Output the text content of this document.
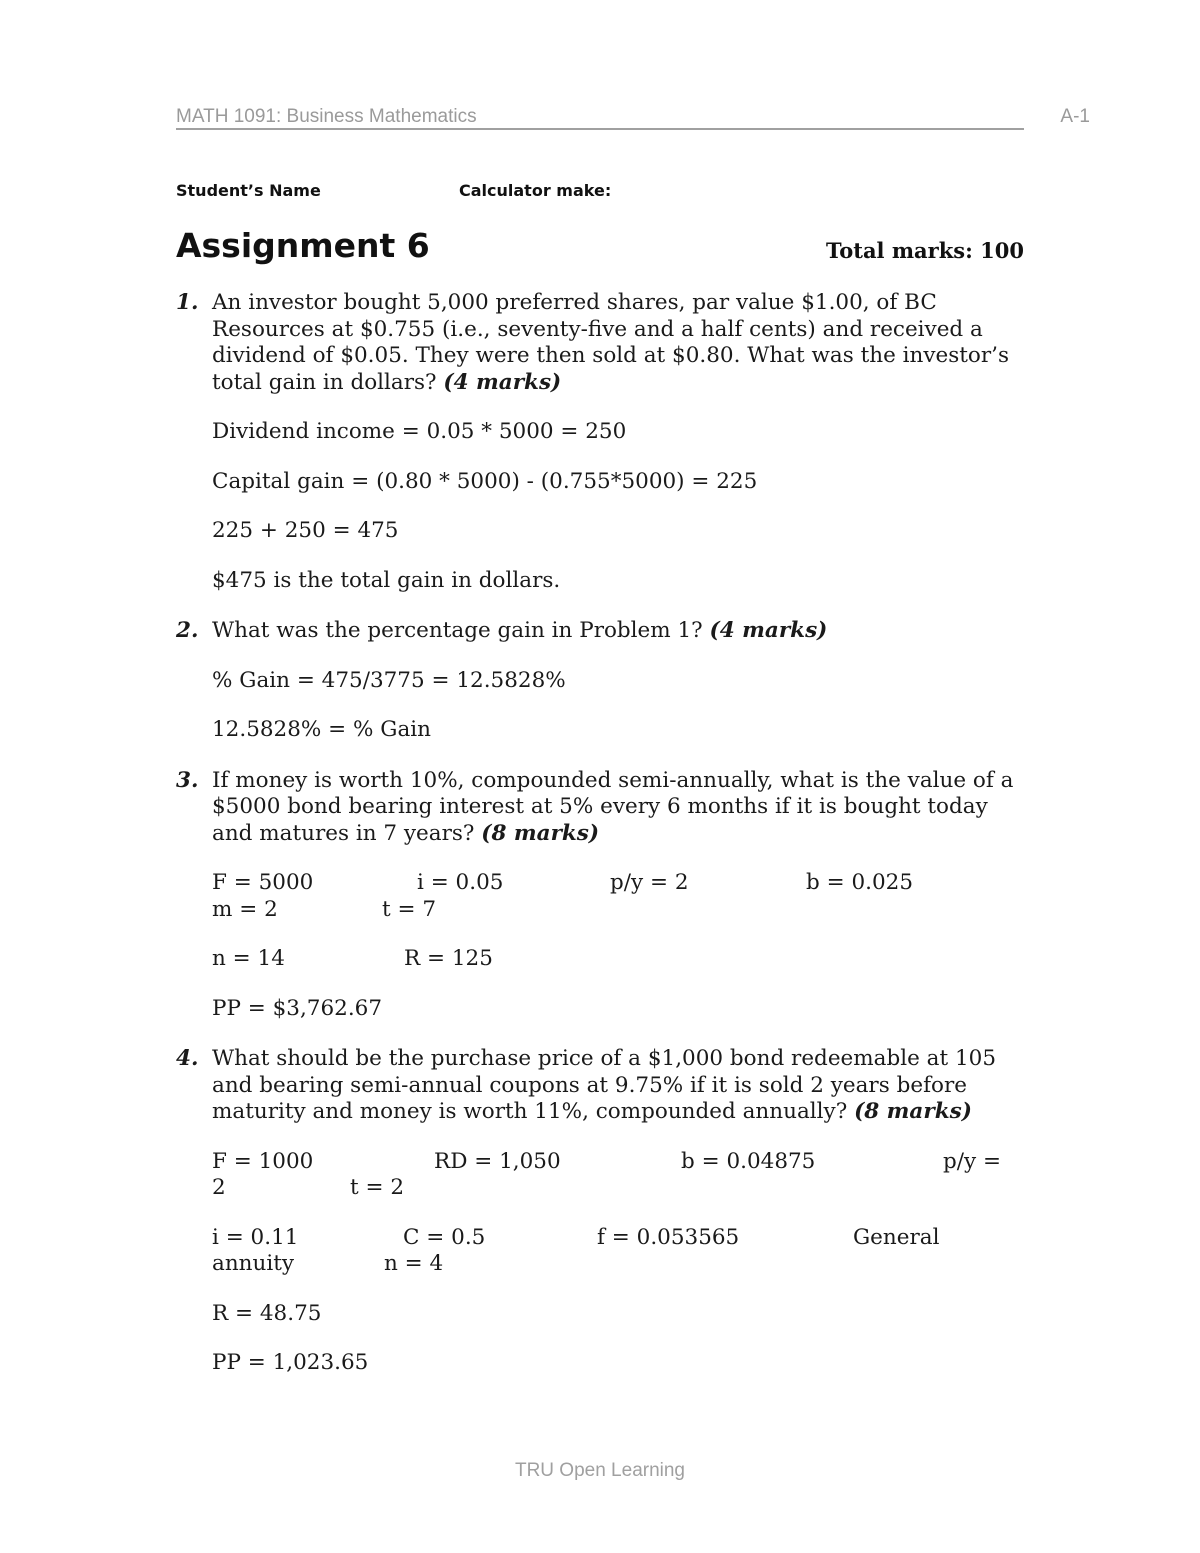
MATH 1091: Business Mathematics	A-1
Student’s Name	Calculator make:
Assignment 6	Total marks: 100
1. An investor bought 5,000 preferred shares, par value $1.00, of BC Resources at $0.755 (i.e., seventy-five and a half cents) and received a dividend of $0.05. They were then sold at $0.80. What was the investor’s total gain in dollars? (4 marks)
Dividend income = 0.05 * 5000 = 250
Capital gain = (0.80 * 5000) - (0.755*5000) = 225
225 + 250 = 475
$475 is the total gain in dollars.
2. What was the percentage gain in Problem 1? (4 marks)
% Gain = 475/3775 = 12.5828%
12.5828% = % Gain
3. If money is worth 10%, compounded semi-annually, what is the value of a $5000 bond bearing interest at 5% every 6 months if it is bought today and matures in 7 years? (8 marks)
F = 5000	i = 0.05	p/y = 2	b = 0.025
m = 2	t = 7
n = 14	R = 125
PP = $3,762.67
4. What should be the purchase price of a $1,000 bond redeemable at 105 and bearing semi-annual coupons at 9.75% if it is sold 2 years before maturity and money is worth 11%, compounded annually? (8 marks)
F = 1000	RD = 1,050	b = 0.04875	p/y =
2	t = 2
i = 0.11	C = 0.5	f = 0.053565	General
annuity	n = 4
R = 48.75
PP = 1,023.65
TRU Open Learning
